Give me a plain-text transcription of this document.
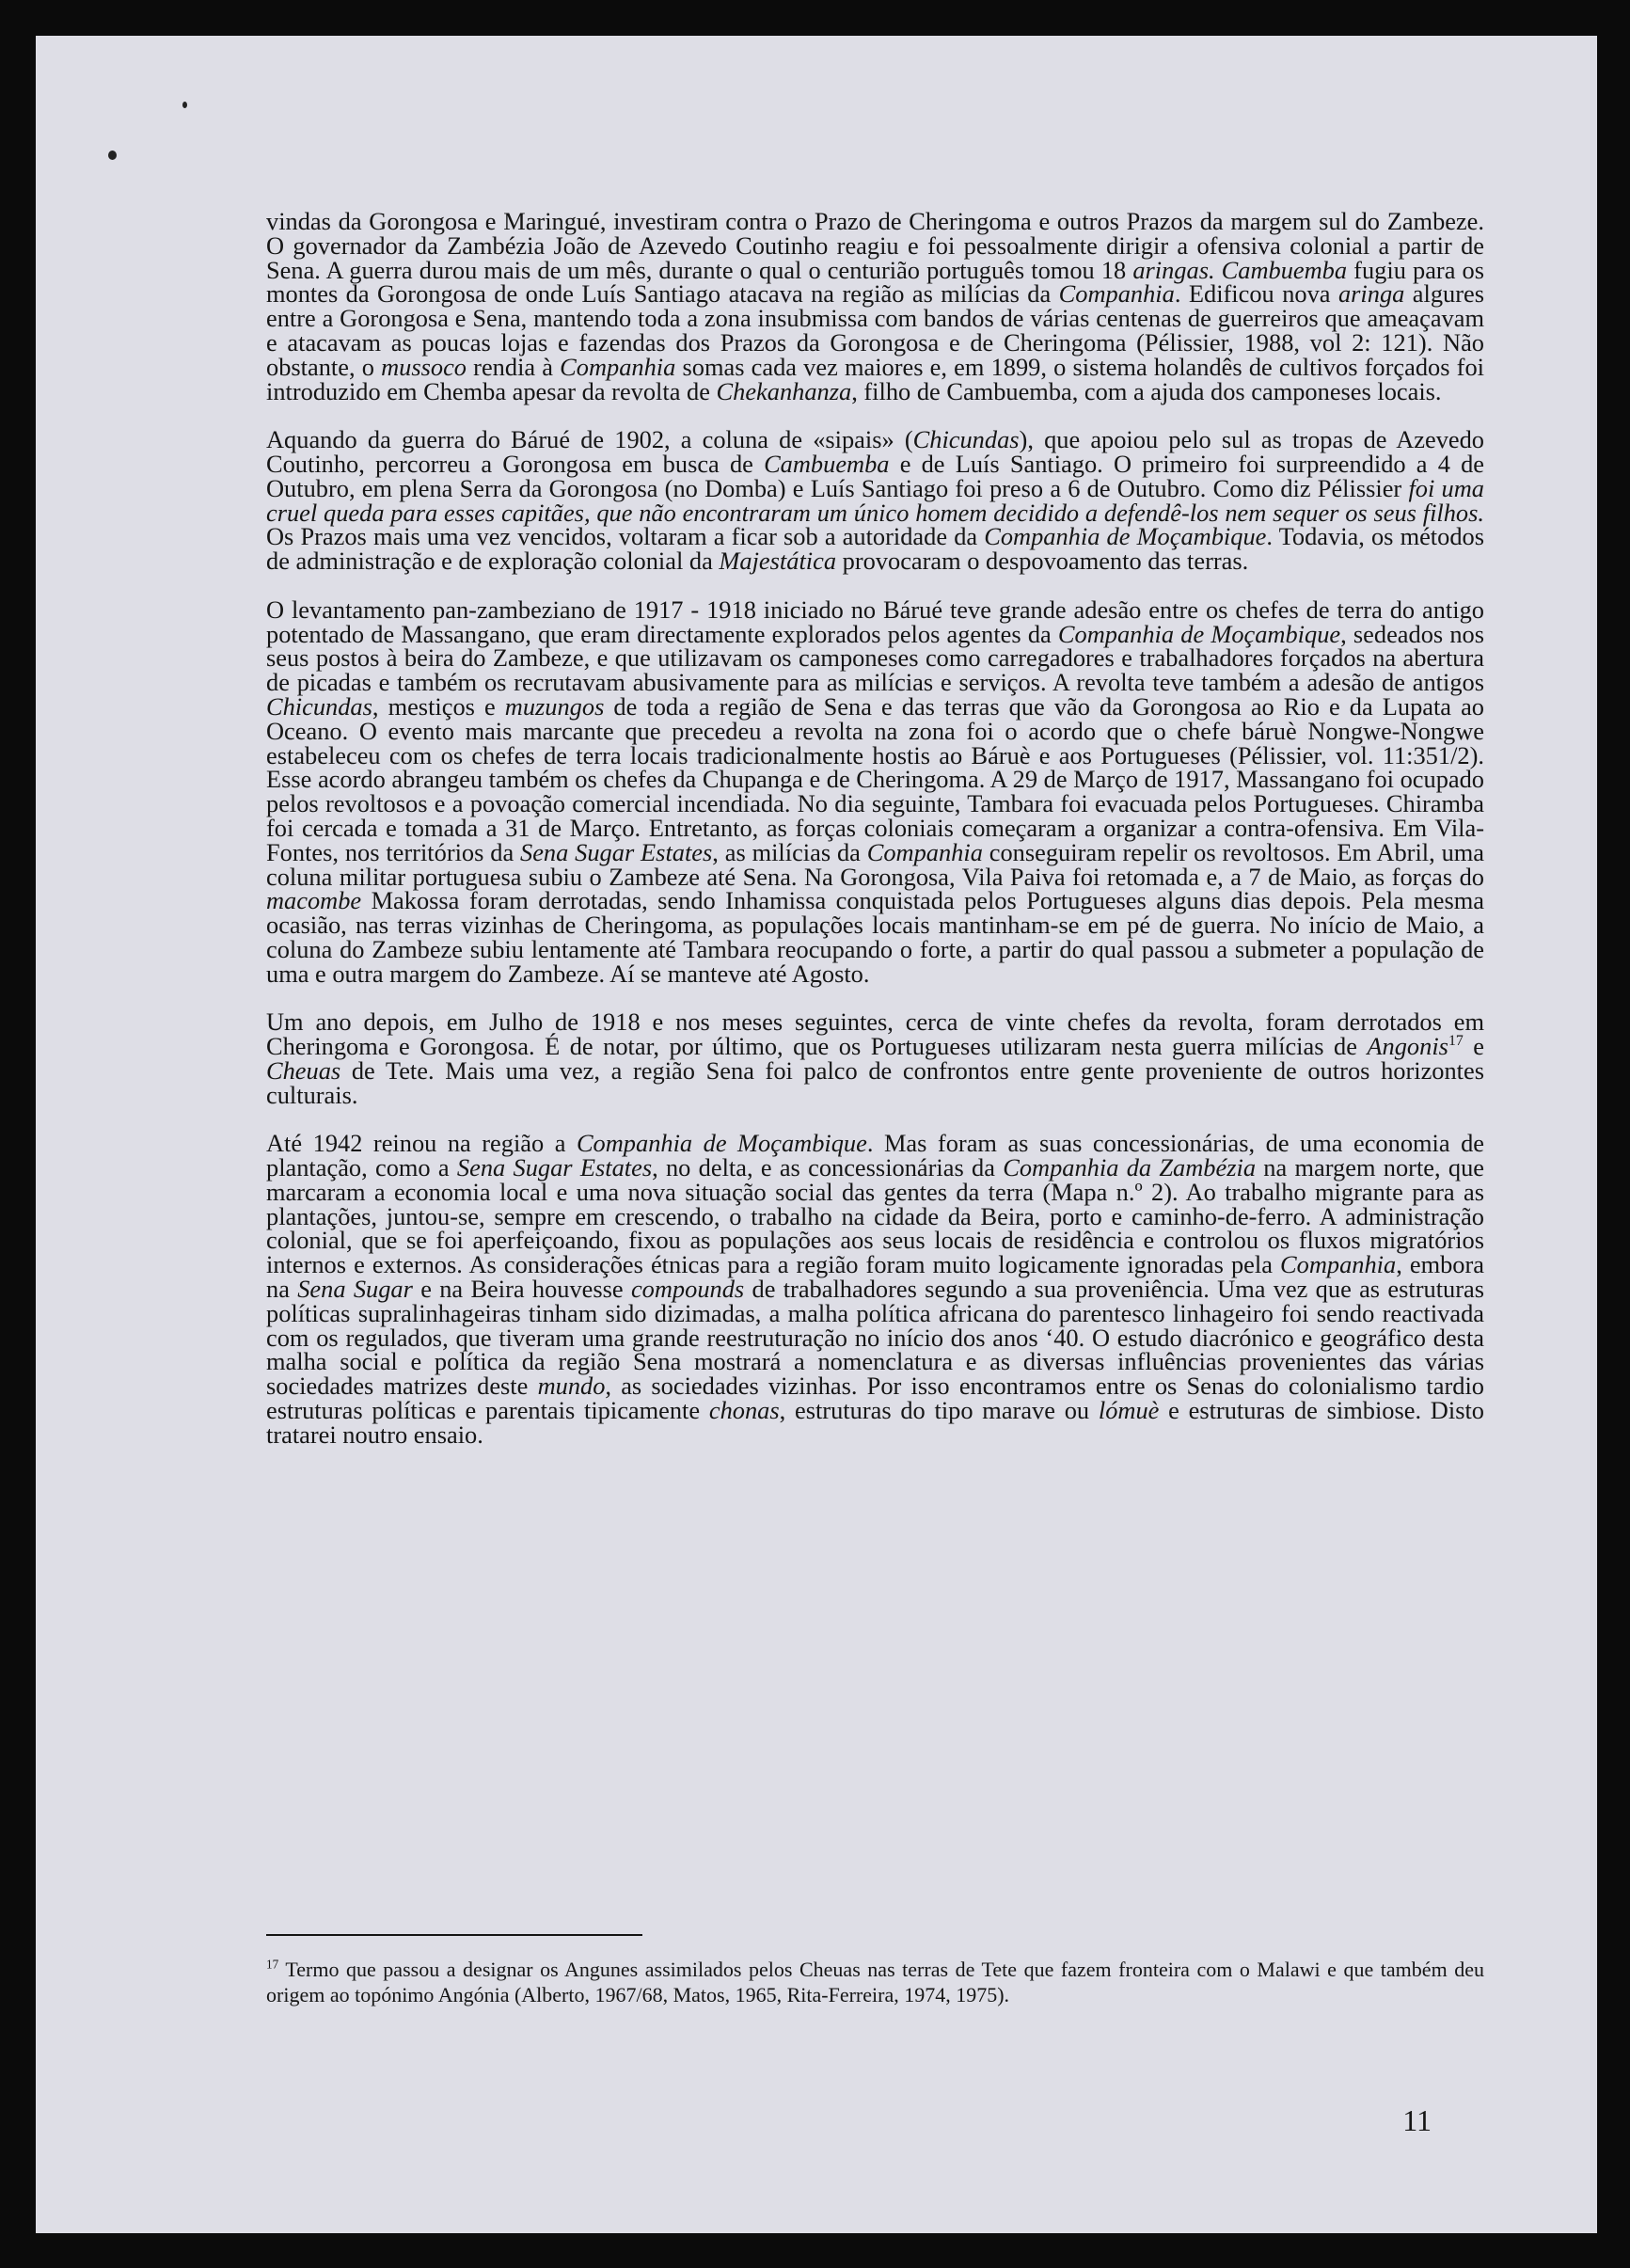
vindas da Gorongosa e Maringué, investiram contra o Prazo de Cheringoma e outros Prazos da margem sul do Zambeze. O governador da Zambézia João de Azevedo Coutinho reagiu e foi pessoalmente dirigir a ofensiva colonial a partir de Sena. A guerra durou mais de um mês, durante o qual o centurião português tomou 18 aringas. Cambuemba fugiu para os montes da Gorongosa de onde Luís Santiago atacava na região as milícias da Companhia. Edificou nova aringa algures entre a Gorongosa e Sena, mantendo toda a zona insubmissa com bandos de várias centenas de guerreiros que ameaçavam e atacavam as poucas lojas e fazendas dos Prazos da Gorongosa e de Cheringoma (Pélissier, 1988, vol 2: 121). Não obstante, o mussoco rendia à Companhia somas cada vez maiores e, em 1899, o sistema holandês de cultivos forçados foi introduzido em Chemba apesar da revolta de Chekanhanza, filho de Cambuemba, com a ajuda dos camponeses locais.

Aquando da guerra do Bárué de 1902, a coluna de «sipais» (Chicundas), que apoiou pelo sul as tropas de Azevedo Coutinho, percorreu a Gorongosa em busca de Cambuemba e de Luís Santiago. O primeiro foi surpreendido a 4 de Outubro, em plena Serra da Gorongosa (no Domba) e Luís Santiago foi preso a 6 de Outubro. Como diz Pélissier foi uma cruel queda para esses capitães, que não encontraram um único homem decidido a defendê-los nem sequer os seus filhos. Os Prazos mais uma vez vencidos, voltaram a ficar sob a autoridade da Companhia de Moçambique. Todavia, os métodos de administração e de exploração colonial da Majestática provocaram o despovoamento das terras.

O levantamento pan-zambeziano de 1917 - 1918 iniciado no Bárué teve grande adesão entre os chefes de terra do antigo potentado de Massangano, que eram directamente explorados pelos agentes da Companhia de Moçambique, sedeados nos seus postos à beira do Zambeze, e que utilizavam os camponeses como carregadores e trabalhadores forçados na abertura de picadas e também os recrutavam abusivamente para as milícias e serviços. A revolta teve também a adesão de antigos Chicundas, mestiços e muzungos de toda a região de Sena e das terras que vão da Gorongosa ao Rio e da Lupata ao Oceano. O evento mais marcante que precedeu a revolta na zona foi o acordo que o chefe báruè Nongwe-Nongwe estabeleceu com os chefes de terra locais tradicionalmente hostis ao Báruè e aos Portugueses (Pélissier, vol. 11:351/2). Esse acordo abrangeu também os chefes da Chupanga e de Cheringoma. A 29 de Março de 1917, Massangano foi ocupado pelos revoltosos e a povoação comercial incendiada. No dia seguinte, Tambara foi evacuada pelos Portugueses. Chiramba foi cercada e tomada a 31 de Março. Entretanto, as forças coloniais começaram a organizar a contra-ofensiva. Em Vila-Fontes, nos territórios da Sena Sugar Estates, as milícias da Companhia conseguiram repelir os revoltosos. Em Abril, uma coluna militar portuguesa subiu o Zambeze até Sena. Na Gorongosa, Vila Paiva foi retomada e, a 7 de Maio, as forças do macombe Makossa foram derrotadas, sendo Inhamissa conquistada pelos Portugueses alguns dias depois. Pela mesma ocasião, nas terras vizinhas de Cheringoma, as populações locais mantinham-se em pé de guerra. No início de Maio, a coluna do Zambeze subiu lentamente até Tambara reocupando o forte, a partir do qual passou a submeter a população de uma e outra margem do Zambeze. Aí se manteve até Agosto.

Um ano depois, em Julho de 1918 e nos meses seguintes, cerca de vinte chefes da revolta, foram derrotados em Cheringoma e Gorongosa. É de notar, por último, que os Portugueses utilizaram nesta guerra milícias de Angonis$^{17}$ e Cheuas de Tete. Mais uma vez, a região Sena foi palco de confrontos entre gente proveniente de outros horizontes culturais.

Até 1942 reinou na região a Companhia de Moçambique. Mas foram as suas concessionárias, de uma economia de plantação, como a Sena Sugar Estates, no delta, e as concessionárias da Companhia da Zambézia na margem norte, que marcaram a economia local e uma nova situação social das gentes da terra (Mapa n.º 2). Ao trabalho migrante para as plantações, juntou-se, sempre em crescendo, o trabalho na cidade da Beira, porto e caminho-de-ferro. A administração colonial, que se foi aperfeiçoando, fixou as populações aos seus locais de residência e controlou os fluxos migratórios internos e externos. As considerações étnicas para a região foram muito logicamente ignoradas pela Companhia, embora na Sena Sugar e na Beira houvesse compounds de trabalhadores segundo a sua proveniência. Uma vez que as estruturas políticas supralinhageiras tinham sido dizimadas, a malha política africana do parentesco linhageiro foi sendo reactivada com os regulados, que tiveram uma grande reestruturação no início dos anos ‘40. O estudo diacrónico e geográfico desta malha social e política da região Sena mostrará a nomenclatura e as diversas influências provenientes das várias sociedades matrizes deste mundo, as sociedades vizinhas. Por isso encontramos entre os Senas do colonialismo tardio estruturas políticas e parentais tipicamente chonas, estruturas do tipo marave ou lómuè e estruturas de simbiose. Disto tratarei noutro ensaio.

$^{17}$ Termo que passou a designar os Angunes assimilados pelos Cheuas nas terras de Tete que fazem fronteira com o Malawi e que também deu origem ao topónimo Angónia (Alberto, 1967/68, Matos, 1965, Rita-Ferreira, 1974, 1975).
11
